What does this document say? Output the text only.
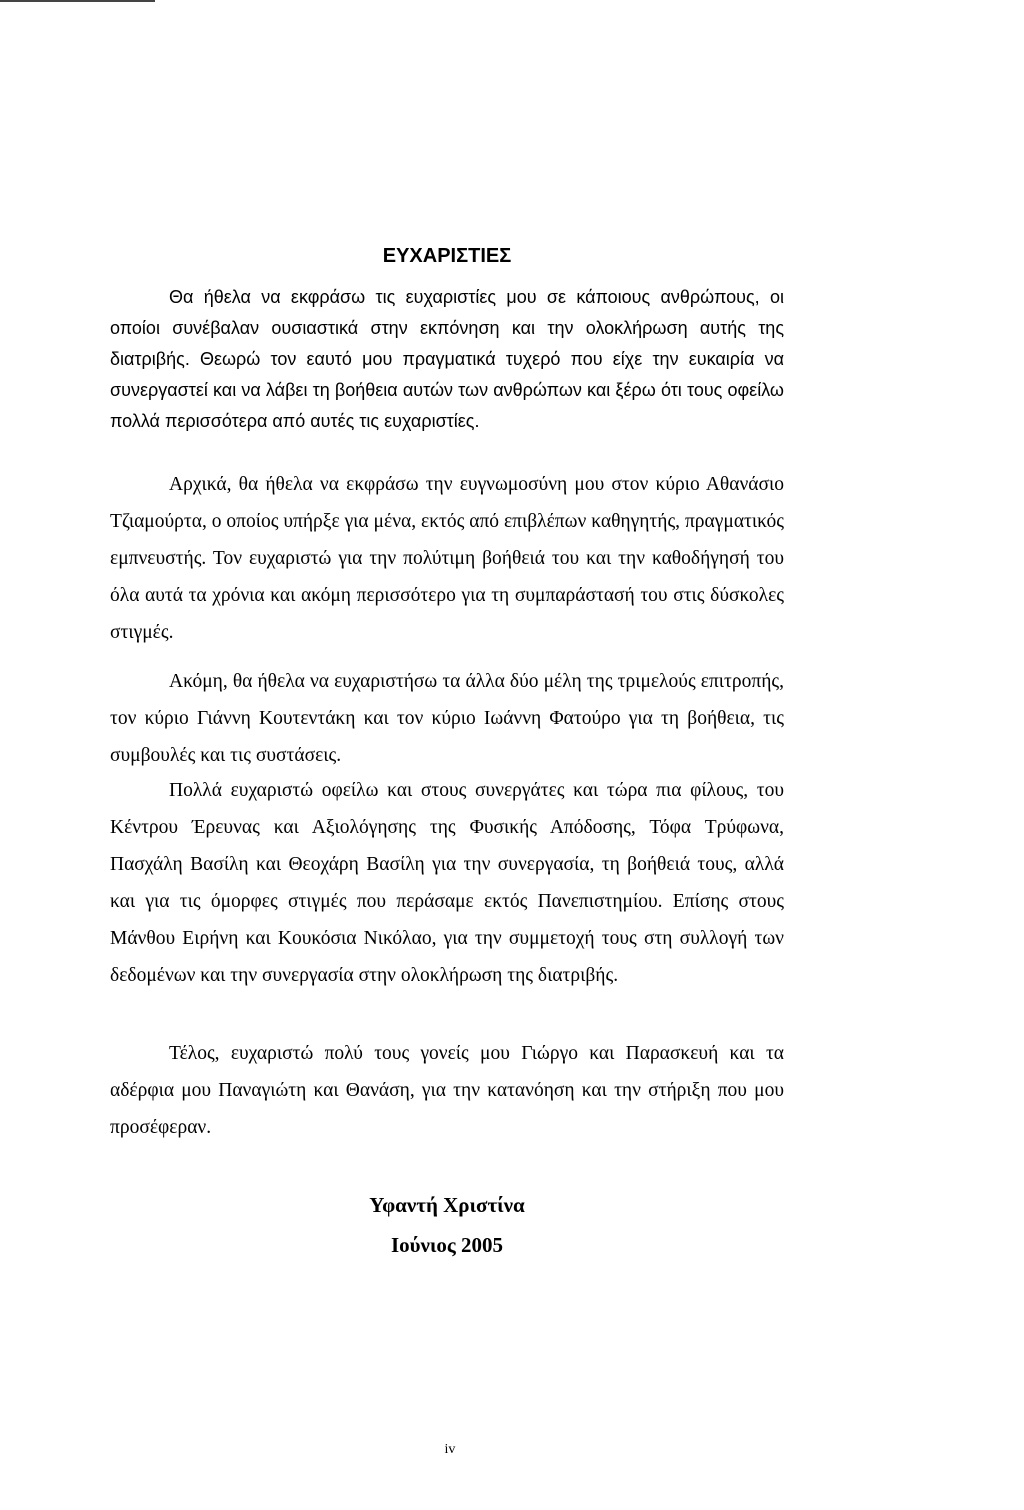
ΕΥΧΑΡΙΣΤΙΕΣ

Θα ήθελα να εκφράσω τις ευχαριστίες μου σε κάποιους ανθρώπους, οι οποίοι συνέβαλαν ουσιαστικά στην εκπόνηση και την ολοκλήρωση αυτής της διατριβής. Θεωρώ τον εαυτό μου πραγματικά τυχερό που είχε την ευκαιρία να συνεργαστεί και να λάβει τη βοήθεια αυτών των ανθρώπων και ξέρω ότι τους οφείλω πολλά περισσότερα από αυτές τις ευχαριστίες.

Αρχικά, θα ήθελα να εκφράσω την ευγνωμοσύνη μου στον κύριο Αθανάσιο Τζιαμούρτα, ο οποίος υπήρξε για μένα, εκτός από επιβλέπων καθηγητής, πραγματικός εμπνευστής. Τον ευχαριστώ για την πολύτιμη βοήθειά του και την καθοδήγησή του όλα αυτά τα χρόνια και ακόμη περισσότερο για τη συμπαράστασή του στις δύσκολες στιγμές.

Ακόμη, θα ήθελα να ευχαριστήσω τα άλλα δύο μέλη της τριμελούς επιτροπής, τον κύριο Γιάννη Κουτεντάκη και τον κύριο Ιωάννη Φατούρο για τη βοήθεια, τις συμβουλές και τις συστάσεις.

Πολλά ευχαριστώ οφείλω και στους συνεργάτες και τώρα πια φίλους, του Κέντρου Έρευνας και Αξιολόγησης της Φυσικής Απόδοσης, Τόφα Τρύφωνα, Πασχάλη Βασίλη και Θεοχάρη Βασίλη για την συνεργασία, τη βοήθειά τους, αλλά και για τις όμορφες στιγμές που περάσαμε εκτός Πανεπιστημίου. Επίσης στους Μάνθου Ειρήνη και Κουκόσια Νικόλαο, για την συμμετοχή τους στη συλλογή των δεδομένων και την συνεργασία στην ολοκλήρωση της διατριβής.

Τέλος, ευχαριστώ πολύ τους γονείς μου Γιώργο και Παρασκευή και τα αδέρφια μου Παναγιώτη και Θανάση, για την κατανόηση και την στήριξη που μου προσέφεραν.

Υφαντή Χριστίνα
Ιούνιος 2005
iv
